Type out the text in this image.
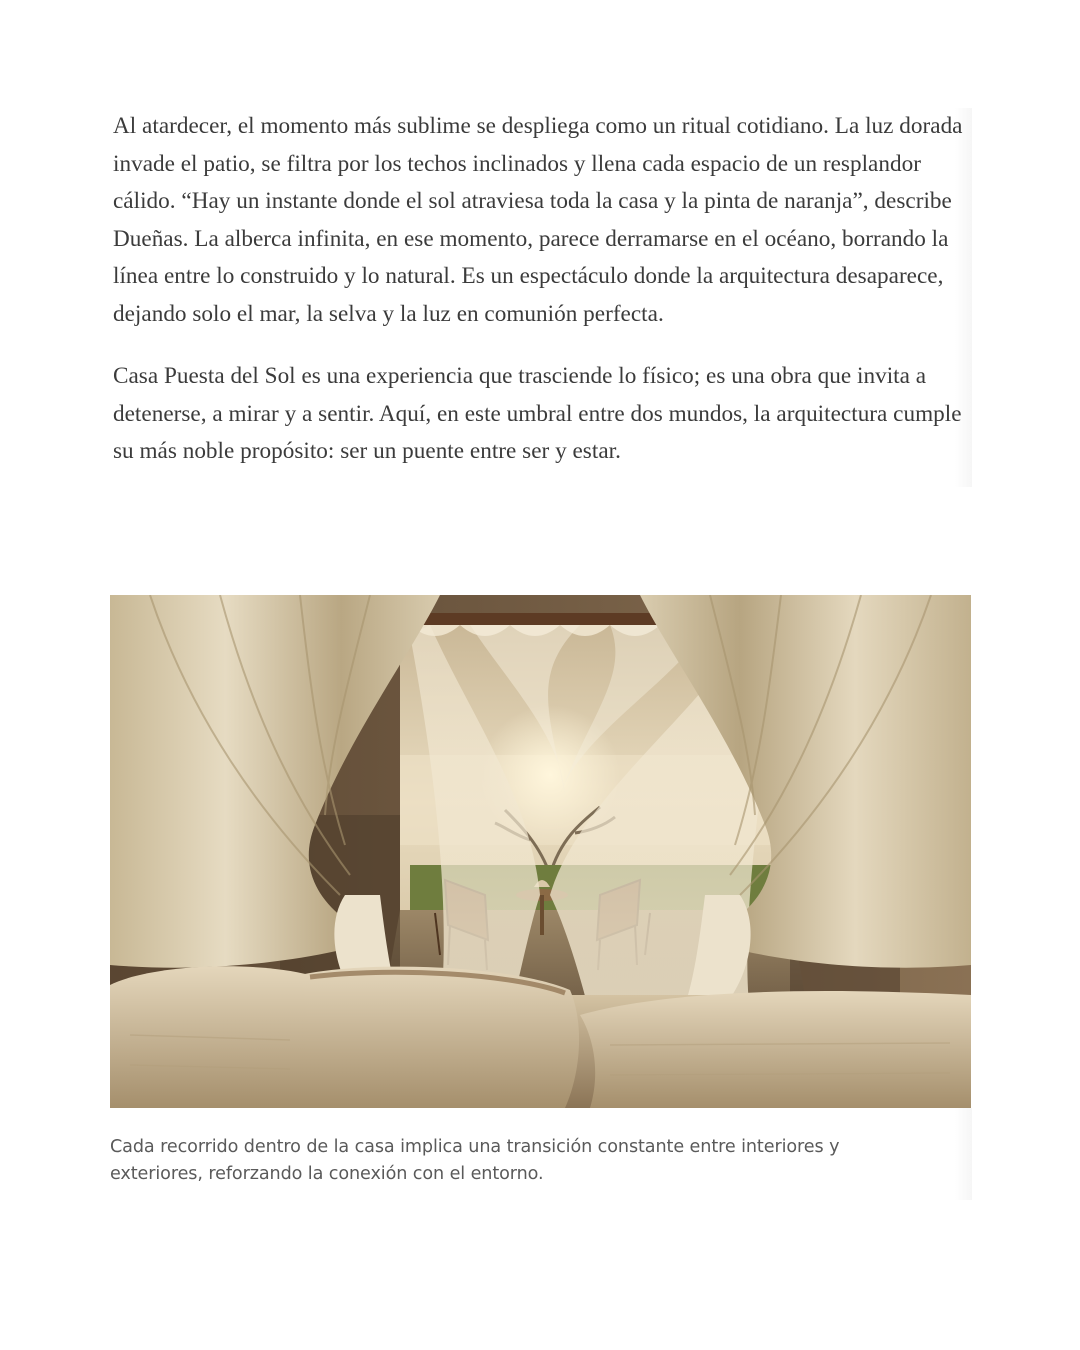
Al atardecer, el momento más sublime se despliega como un ritual cotidiano. La luz dorada invade el patio, se filtra por los techos inclinados y llena cada espacio de un resplandor cálido. “Hay un instante donde el sol atraviesa toda la casa y la pinta de naranja”, describe Dueñas. La alberca infinita, en ese momento, parece derramarse en el océano, borrando la línea entre lo construido y lo natural. Es un espectáculo donde la arquitectura desaparece, dejando solo el mar, la selva y la luz en comunión perfecta.

Casa Puesta del Sol es una experiencia que trasciende lo físico; es una obra que invita a detenerse, a mirar y a sentir. Aquí, en este umbral entre dos mundos, la arquitectura cumple su más noble propósito: ser un puente entre ser y estar.

Cada recorrido dentro de la casa implica una transición constante entre interiores y exteriores, reforzando la conexión con el entorno.
